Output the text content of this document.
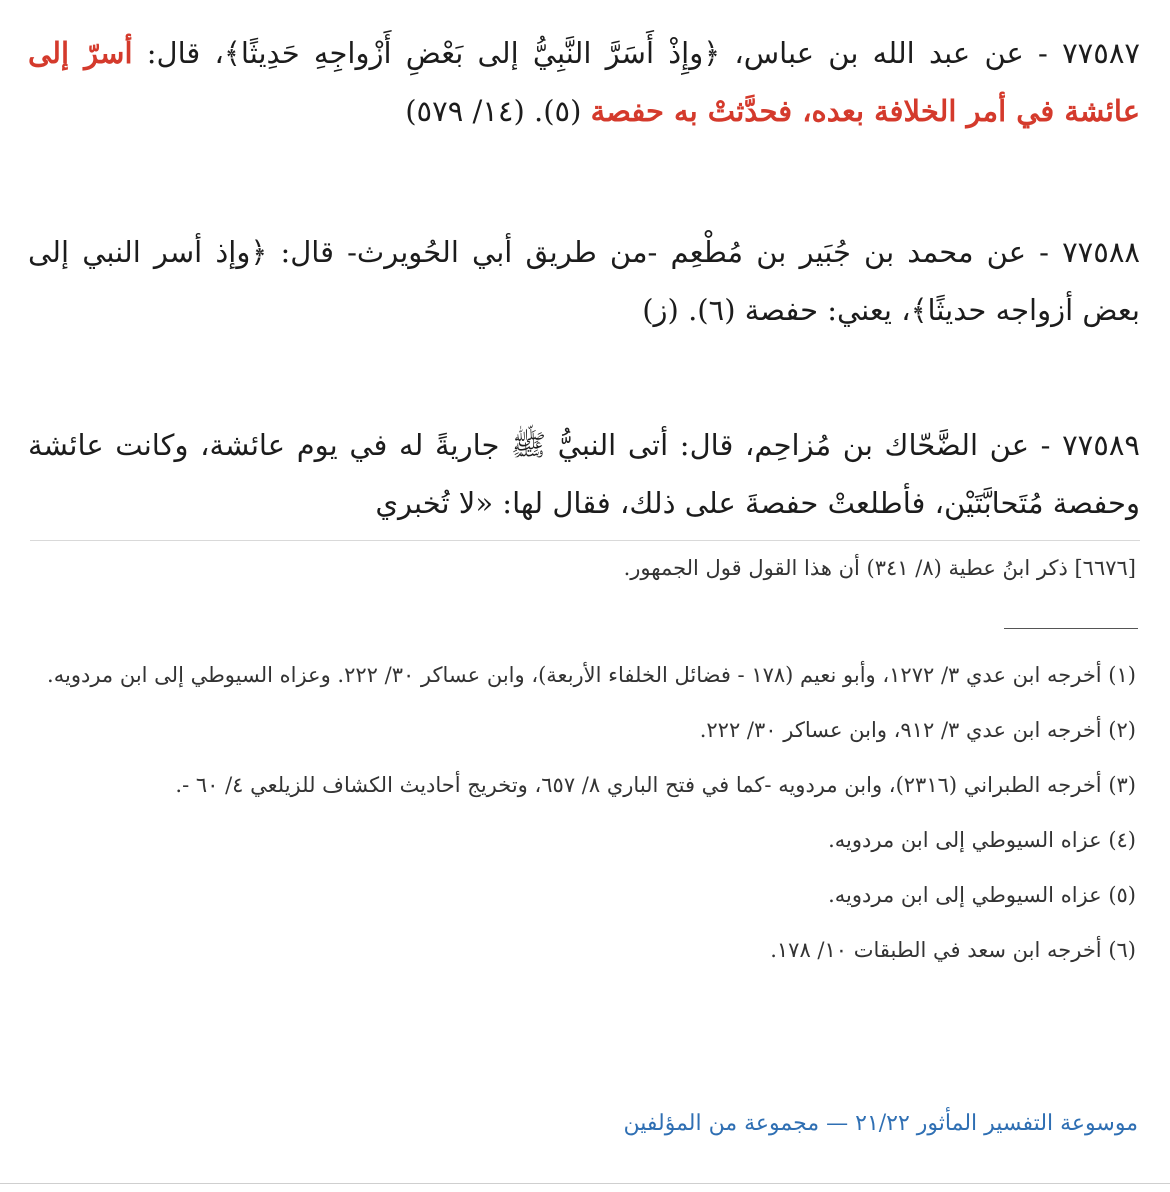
٧٧٥٨٧ - عن عبد الله بن عباس، ﴿وإِذْ أَسَرَّ النَّبِيُّ إلى بَعْضِ أَزْواجِهِ حَدِيثًا﴾، قال: أسرّ إلى عائشة في أمر الخلافة بعده، فحدَّثتْ به حفصة (٥). (١٤/ ٥٧٩)

٧٧٥٨٨ - عن محمد بن جُبَير بن مُطْعِم -من طريق أبي الحُويرث- قال: ﴿وإذ أسر النبي إلى بعض أزواجه حديثًا﴾، يعني: حفصة (٦). (ز)

٧٧٥٨٩ - عن الضَّحّاك بن مُزاحِم، قال: أتى النبيُّ ﷺ جاريةً له في يوم عائشة، وكانت عائشة وحفصة مُتَحابَّتَيْن، فأطلعتْ حفصةَ على ذلك، فقال لها: «لا تُخبري

[٦٦٧٦] ذكر ابنُ عطية (٨/ ٣٤١) أن هذا القول قول الجمهور.

(١) أخرجه ابن عدي ٣/ ١٢٧٢، وأبو نعيم (١٧٨ - فضائل الخلفاء الأربعة)، وابن عساكر ٣٠/ ٢٢٢. وعزاه السيوطي إلى ابن مردويه.
(٢) أخرجه ابن عدي ٣/ ٩١٢، وابن عساكر ٣٠/ ٢٢٢.
(٣) أخرجه الطبراني (٢٣١٦)، وابن مردويه -كما في فتح الباري ٨/ ٦٥٧، وتخريج أحاديث الكشاف للزيلعي ٤/ ٦٠ -.
(٤) عزاه السيوطي إلى ابن مردويه.
(٥) عزاه السيوطي إلى ابن مردويه.
(٦) أخرجه ابن سعد في الطبقات ١٠/ ١٧٨.

موسوعة التفسير المأثور ٢١/٢٢ — مجموعة من المؤلفين
